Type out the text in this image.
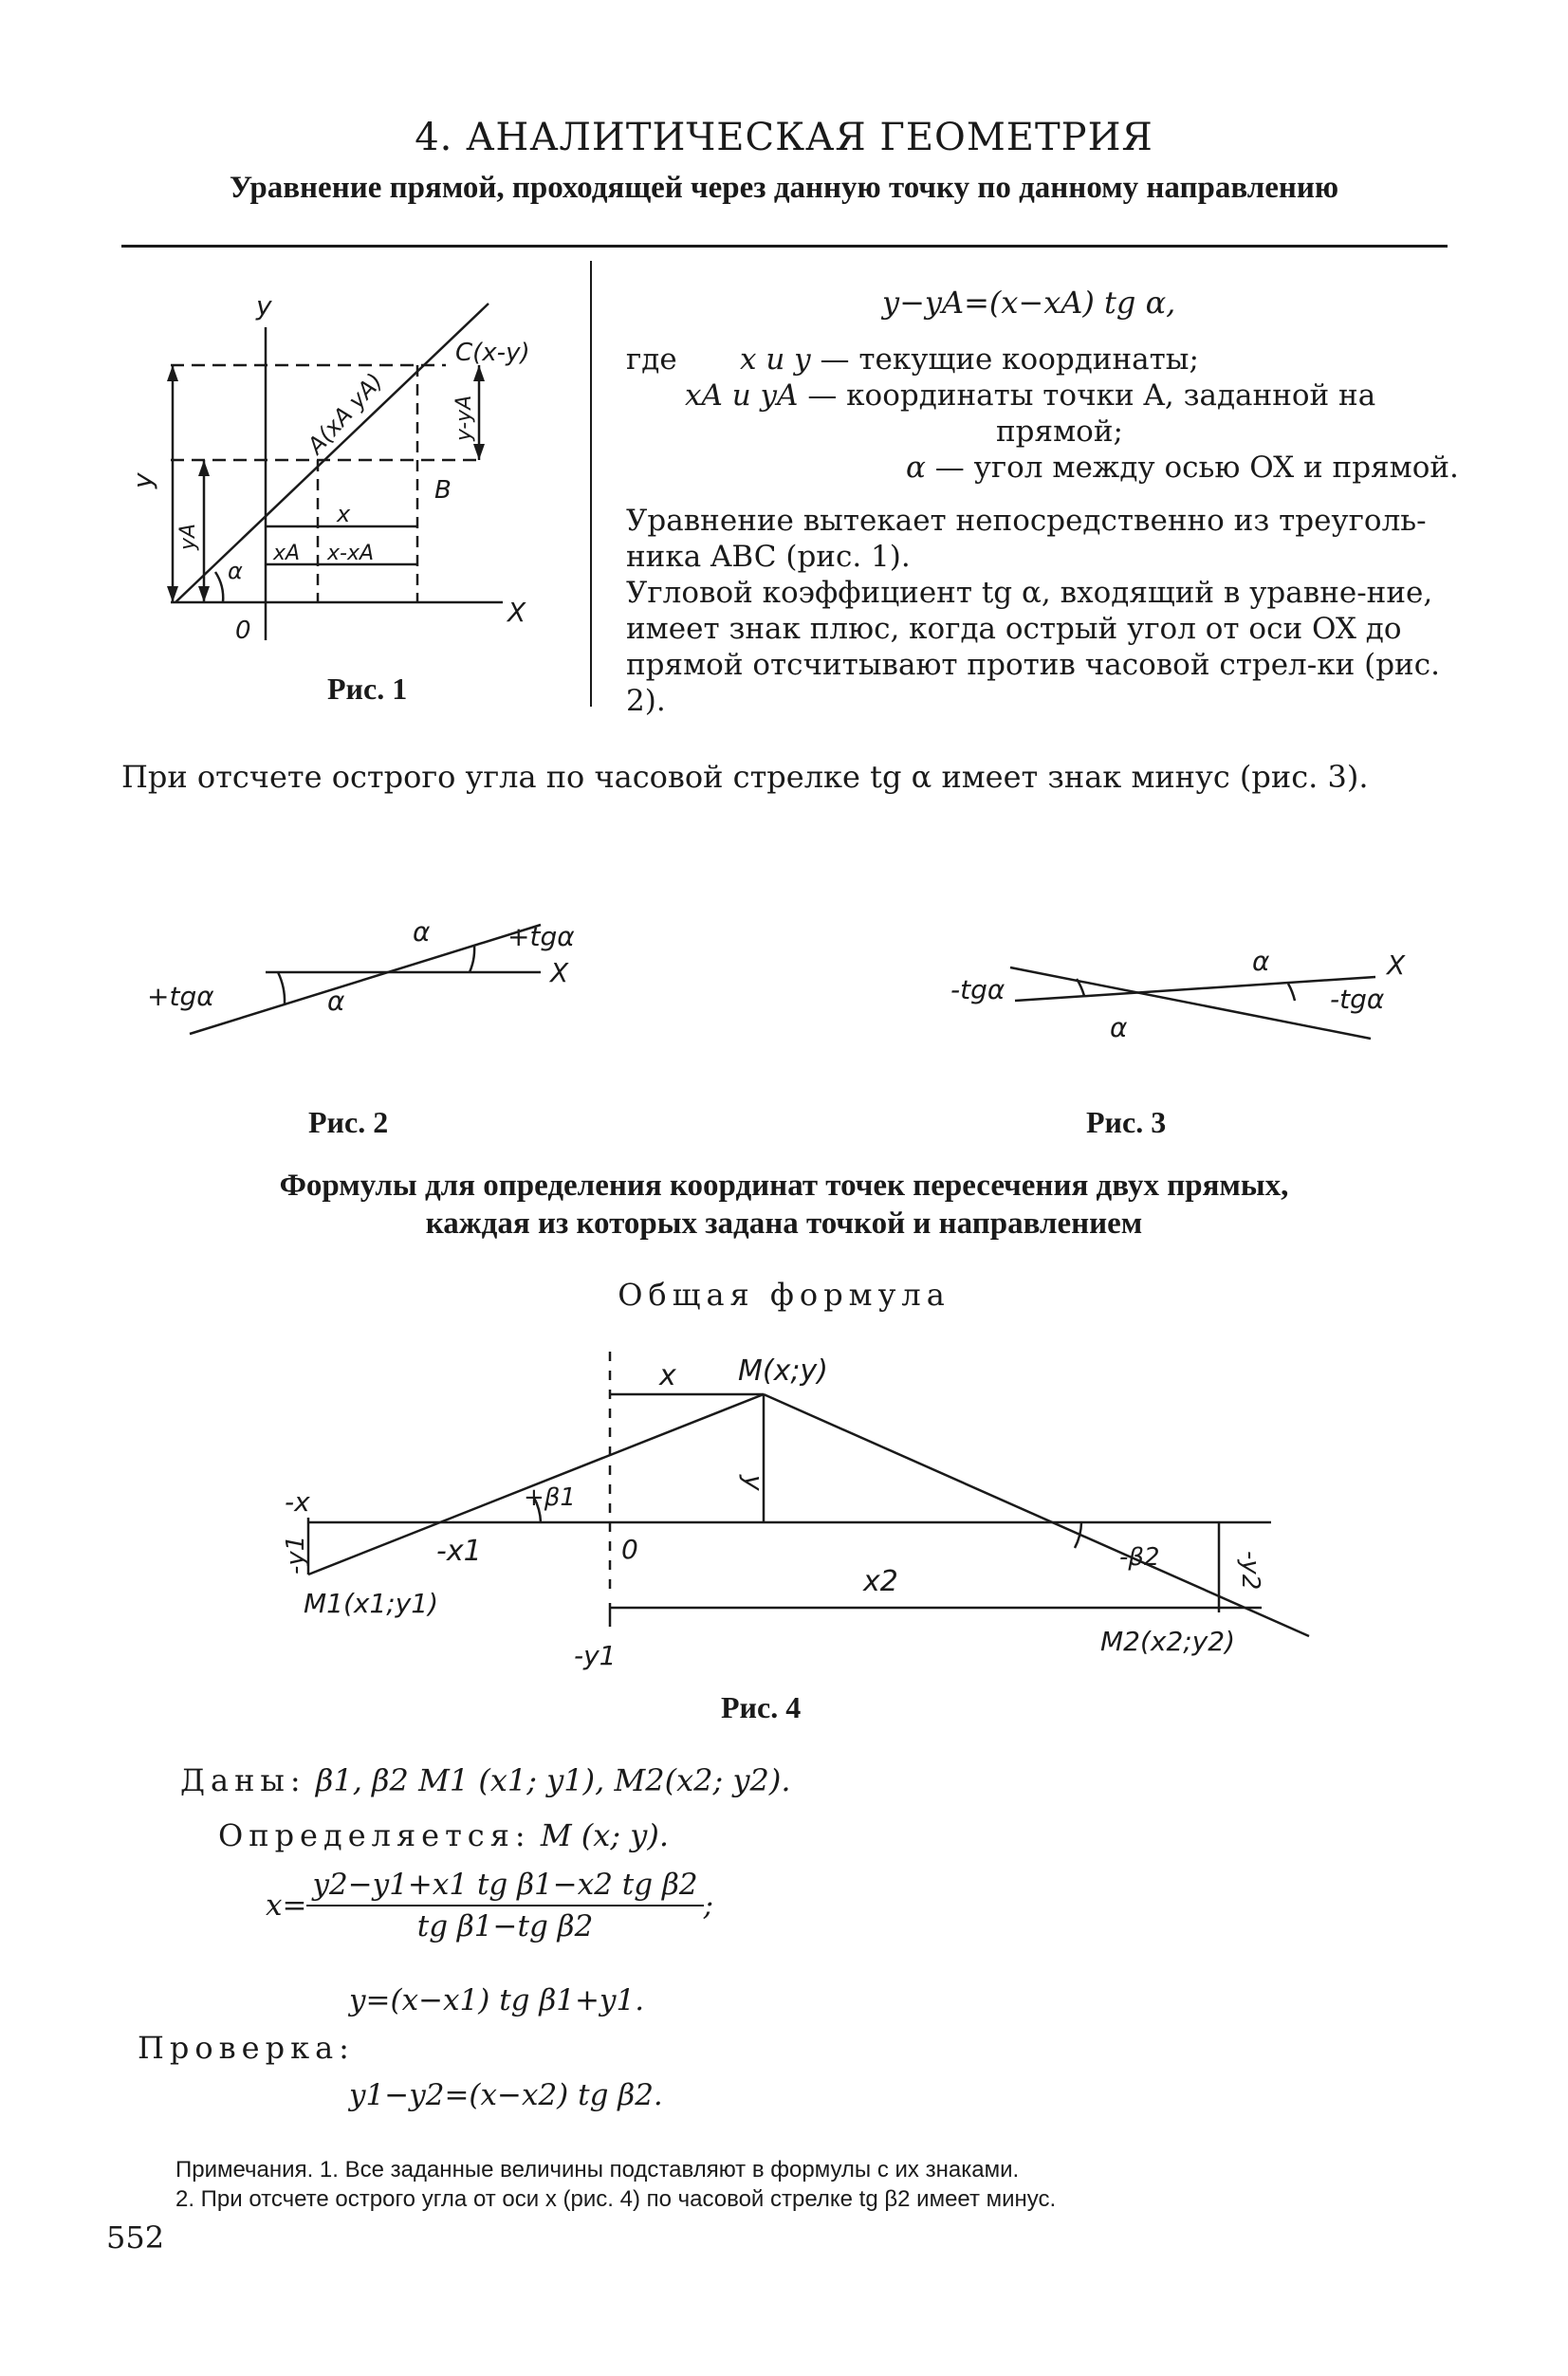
4. АНАЛИТИЧЕСКАЯ ГЕОМЕТРИЯ
Уравнение прямой, проходящей через данную точку по данному направлению
y
X
0
C(x-y)
A(xA yA)
B
y
yA
y-yA
α
x
xA x-xA
Рис. 1
y−yA=(x−xA) tg α,
где x и y — текущие координаты;
xA и yA — координаты точки A, заданной на
прямой;
α — угол между осью OX и прямой.
Уравнение вытекает непосредственно из треуголь-ника ABC (рис. 1).
Угловой коэффициент tg α, входящий в уравне-ние, имеет знак плюс, когда острый угол от оси OX до прямой отсчитывают против часовой стрел-ки (рис. 2).
При отсчете острого угла по часовой стрелке tg α имеет знак минус (рис. 3).
α	+tgα
X
+tgα	α
Рис. 2
-tgα
α
α	X
-tgα
Рис. 3
Формулы для определения координат точек пересечения двух прямых,
каждая из которых задана точкой и направлением
Общая формула
x M(x;y)
-x	+β1
y
-y1	-x1	0
M1(x1;y1)
x2
-β2	-y2
-y1	M2(x2;y2)
Рис. 4
Даны: β1, β2 M1 (x1; y1), M2(x2; y2).
Определяется: M (x; y).
$x= \frac{\text{y2−y1+x1 tg β1−x2 tg β2}}{\text{tg β1−tg β2}}$ ;
y=(x−x1) tg β1+y1.
Проверка:
y1−y2=(x−x2) tg β2.
Примечания. 1. Все заданные величины подставляют в формулы с их знаками.
2. При отсчете острого угла от оси x (рис. 4) по часовой стрелке tg β2 имеет минус.
552
